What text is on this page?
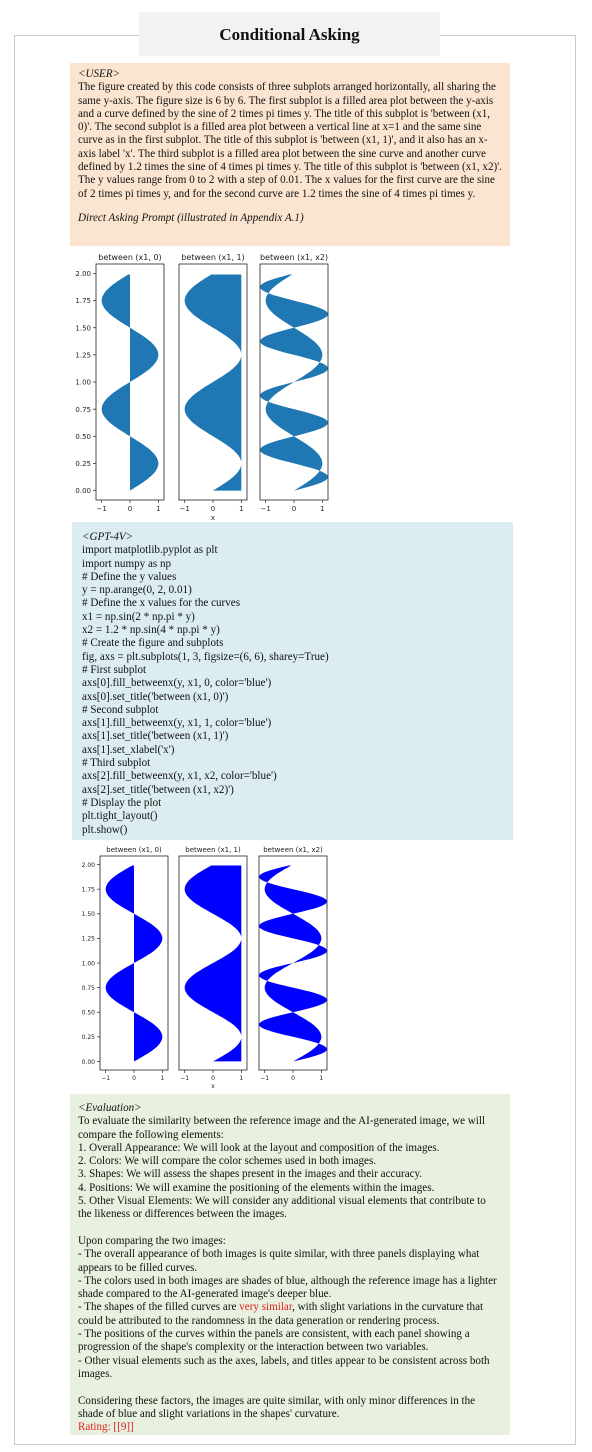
Conditional Asking
<USER>
The figure created by this code consists of three subplots arranged horizontally, all sharing the same y-axis. The figure size is 6 by 6. The first subplot is a filled area plot between the y-axis and a curve defined by the sine of 2 times pi times y. The title of this subplot is 'between (x1, 0)'. The second subplot is a filled area plot between a vertical line at x=1 and the same sine curve as in the first subplot. The title of this subplot is 'between (x1, 1)', and it also has an x-axis label 'x'. The third subplot is a filled area plot between the sine curve and another curve defined by 1.2 times the sine of 4 times pi times y. The title of this subplot is 'between (x1, x2)'. The y values range from 0 to 2 with a step of 0.01. The x values for the first curve are the sine of 2 times pi times y, and for the second curve are 1.2 times the sine of 4 times pi times y.
Direct Asking Prompt (illustrated in Appendix A.1)
between (x1, 0)
−1	0	1
0.00
0.25
0.50
0.75
1.00
1.25
1.50
1.75
2.00
between (x1, 1)
−1	0	1
x
between (x1, x2)
−1	0	1
<GPT-4V>
import matplotlib.pyplot as plt
import numpy as np
# Define the y values
y = np.arange(0, 2, 0.01)
# Define the x values for the curves
x1 = np.sin(2 * np.pi * y)
x2 = 1.2 * np.sin(4 * np.pi * y)
# Create the figure and subplots
fig, axs = plt.subplots(1, 3, figsize=(6, 6), sharey=True)
# First subplot
axs[0].fill_betweenx(y, x1, 0, color='blue')
axs[0].set_title('between (x1, 0)')
# Second subplot
axs[1].fill_betweenx(y, x1, 1, color='blue')
axs[1].set_title('between (x1, 1)')
axs[1].set_xlabel('x')
# Third subplot
axs[2].fill_betweenx(y, x1, x2, color='blue')
axs[2].set_title('between (x1, x2)')
# Display the plot
plt.tight_layout()
plt.show()
between (x1, 0)
−1	0	1
0.00
0.25
0.50
0.75
1.00
1.25
1.50
1.75
2.00
between (x1, 1)
−1	0	1
x
between (x1, x2)
−1	0	1
<Evaluation>
To evaluate the similarity between the reference image and the AI-generated image, we will compare the following elements:
1. Overall Appearance: We will look at the layout and composition of the images.
2. Colors: We will compare the color schemes used in both images.
3. Shapes: We will assess the shapes present in the images and their accuracy.
4. Positions: We will examine the positioning of the elements within the images.
5. Other Visual Elements: We will consider any additional visual elements that contribute to the likeness or differences between the images.
Upon comparing the two images:
- The overall appearance of both images is quite similar, with three panels displaying what appears to be filled curves.
- The colors used in both images are shades of blue, although the reference image has a lighter shade compared to the AI-generated image's deeper blue.
- The shapes of the filled curves are very similar, with slight variations in the curvature that could be attributed to the randomness in the data generation or rendering process.
- The positions of the curves within the panels are consistent, with each panel showing a progression of the shape's complexity or the interaction between two variables.
- Other visual elements such as the axes, labels, and titles appear to be consistent across both images.
Considering these factors, the images are quite similar, with only minor differences in the shade of blue and slight variations in the shapes' curvature.
Rating: [[9]]
